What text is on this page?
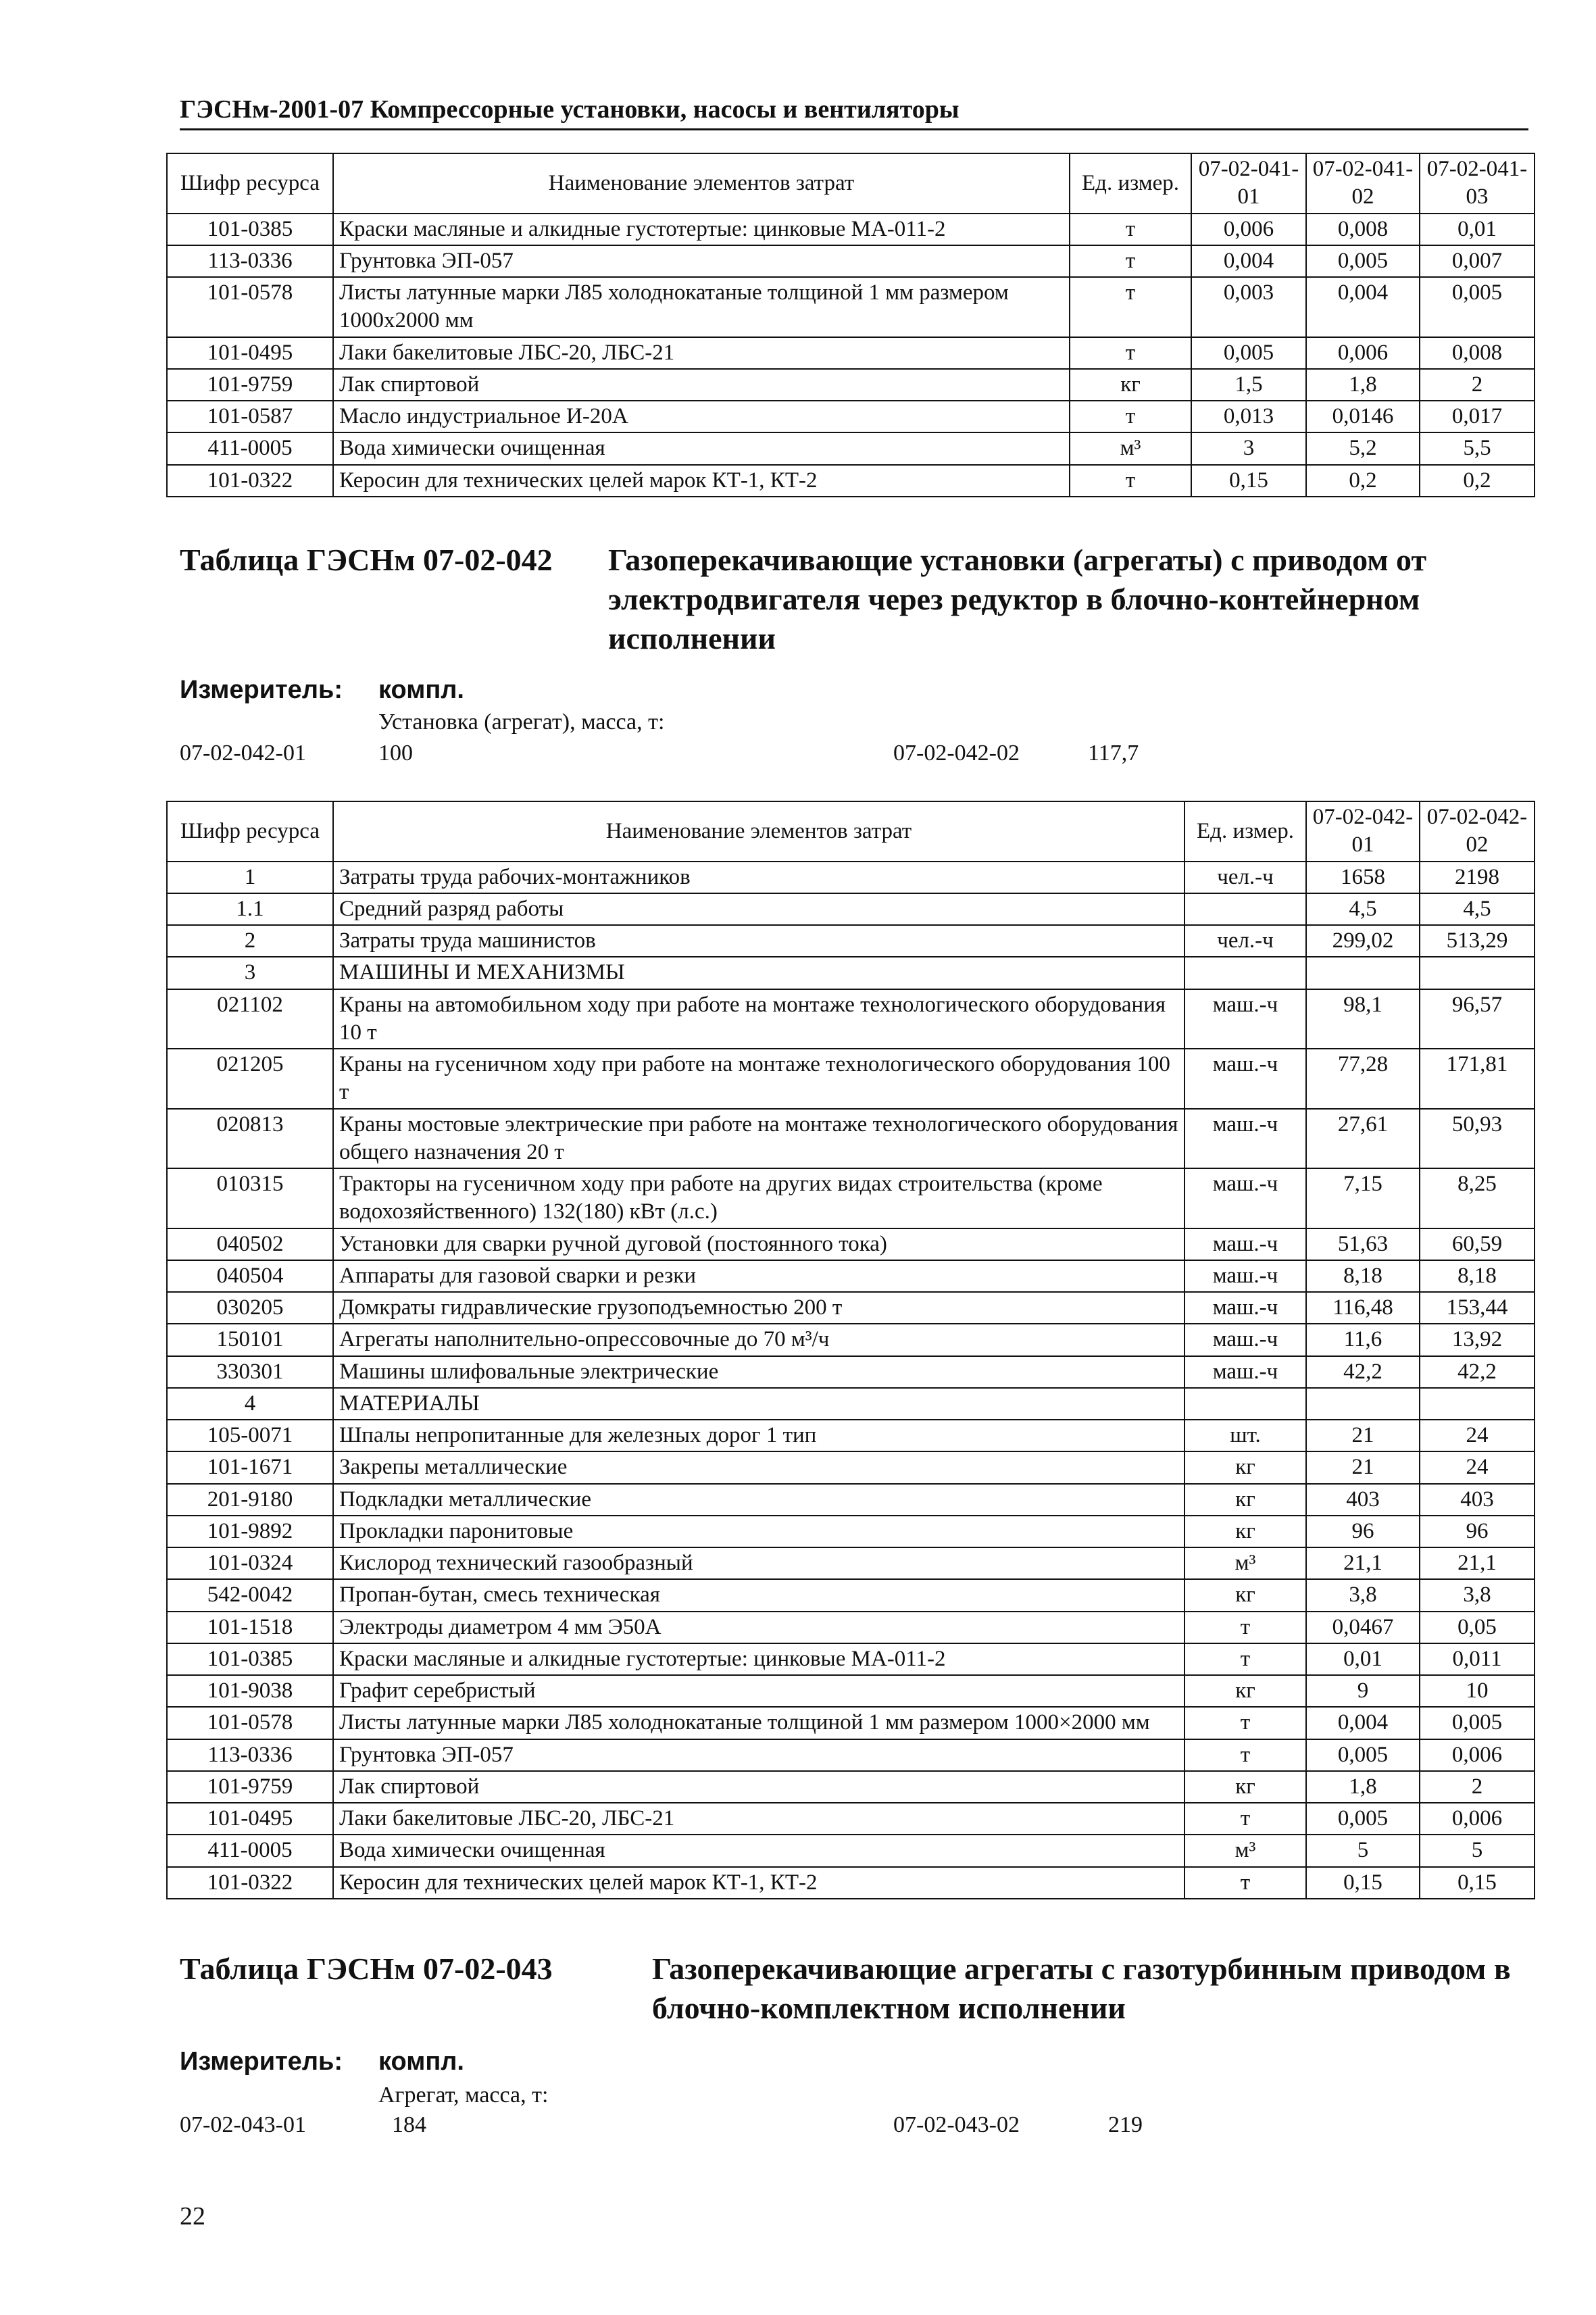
ГЭСНм-2001-07 Компрессорные установки, насосы и вентиляторы
Шифр ресурса	Наименование элементов затрат	Ед. измер.	07-02-041-01	07-02-041-02	07-02-041-03
101-0385	Краски масляные и алкидные густотертые: цинковые МА-011-2	т	0,006	0,008	0,01
113-0336	Грунтовка ЭП-057	т	0,004	0,005	0,007
101-0578	Листы латунные марки Л85 холоднокатаные толщиной 1 мм размером 1000х2000 мм	т	0,003	0,004	0,005
101-0495	Лаки бакелитовые ЛБС-20, ЛБС-21	т	0,005	0,006	0,008
101-9759	Лак спиртовой	кг	1,5	1,8	2
101-0587	Масло индустриальное И-20А	т	0,013	0,0146	0,017
411-0005	Вода химически очищенная	м³	3	5,2	5,5
101-0322	Керосин для технических целей марок КТ-1, КТ-2	т	0,15	0,2	0,2
Таблица ГЭСНм 07-02-042 Газоперекачивающие установки (агрегаты) с приводом от электродвигателя через редуктор в блочно-контейнерном исполнении
Измеритель: компл.
Установка (агрегат), масса, т:
07-02-042-01	100	07-02-042-02	117,7
Шифр ресурса	Наименование элементов затрат	Ед. измер.	07-02-042-01	07-02-042-02
1	Затраты труда рабочих-монтажников	чел.-ч	1658	2198
1.1	Средний разряд работы		4,5	4,5
2	Затраты труда машинистов	чел.-ч	299,02	513,29
3	МАШИНЫ И МЕХАНИЗМЫ			
021102	Краны на автомобильном ходу при работе на монтаже технологического оборудования 10 т	маш.-ч	98,1	96,57
021205	Краны на гусеничном ходу при работе на монтаже технологического оборудования 100 т	маш.-ч	77,28	171,81
020813	Краны мостовые электрические при работе на монтаже технологического оборудования общего назначения 20 т	маш.-ч	27,61	50,93
010315	Тракторы на гусеничном ходу при работе на других видах строительства (кроме водохозяйственного) 132(180) кВт (л.с.)	маш.-ч	7,15	8,25
040502	Установки для сварки ручной дуговой (постоянного тока)	маш.-ч	51,63	60,59
040504	Аппараты для газовой сварки и резки	маш.-ч	8,18	8,18
030205	Домкраты гидравлические грузоподъемностью 200 т	маш.-ч	116,48	153,44
150101	Агрегаты наполнительно-опрессовочные до 70 м³/ч	маш.-ч	11,6	13,92
330301	Машины шлифовальные электрические	маш.-ч	42,2	42,2
4	МАТЕРИАЛЫ			
105-0071	Шпалы непропитанные для железных дорог 1 тип	шт.	21	24
101-1671	Закрепы металлические	кг	21	24
201-9180	Подкладки металлические	кг	403	403
101-9892	Прокладки паронитовые	кг	96	96
101-0324	Кислород технический газообразный	м³	21,1	21,1
542-0042	Пропан-бутан, смесь техническая	кг	3,8	3,8
101-1518	Электроды диаметром 4 мм Э50А	т	0,0467	0,05
101-0385	Краски масляные и алкидные густотертые: цинковые МА-011-2	т	0,01	0,011
101-9038	Графит серебристый	кг	9	10
101-0578	Листы латунные марки Л85 холоднокатаные толщиной 1 мм размером 1000×2000 мм	т	0,004	0,005
113-0336	Грунтовка ЭП-057	т	0,005	0,006
101-9759	Лак спиртовой	кг	1,8	2
101-0495	Лаки бакелитовые ЛБС-20, ЛБС-21	т	0,005	0,006
411-0005	Вода химически очищенная	м³	5	5
101-0322	Керосин для технических целей марок КТ-1, КТ-2	т	0,15	0,15
Таблица ГЭСНм 07-02-043	Газоперекачивающие агрегаты с газотурбинным приводом в блочно-комплектном исполнении
Измеритель: компл.
Агрегат, масса, т:
07-02-043-01	184	07-02-043-02	219
22
